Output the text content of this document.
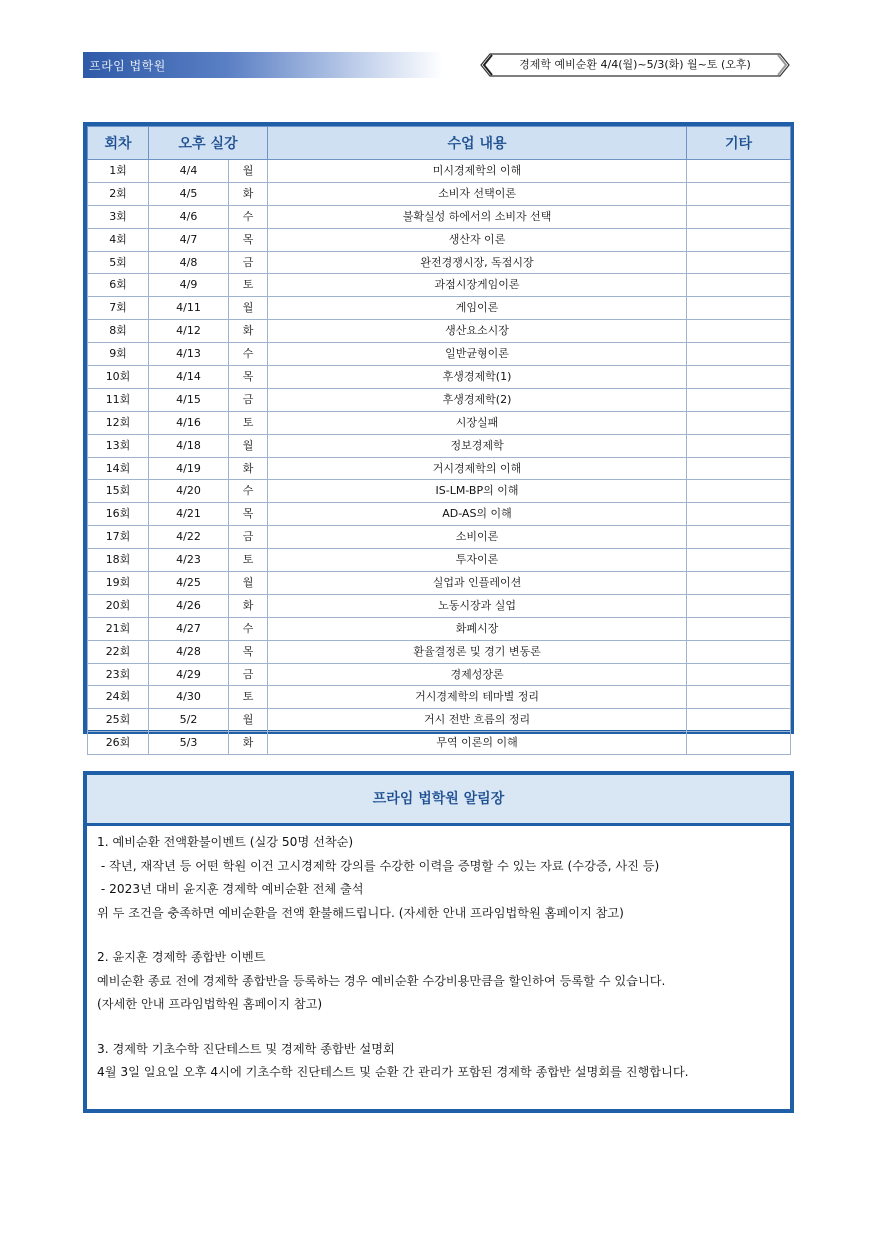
프라임 법학원	경제학 예비순환 4/4(월)~5/3(화) 월~토 (오후)
회차	오후 실강		수업 내용	기타
1회	4/4	월	미시경제학의 이해	
2회	4/5	화	소비자 선택이론	
3회	4/6	수	불확실성 하에서의 소비자 선택	
4회	4/7	목	생산자 이론	
5회	4/8	금	완전경쟁시장, 독점시장	
6회	4/9	토	과점시장게임이론	
7회	4/11	월	게임이론	
8회	4/12	화	생산요소시장	
9회	4/13	수	일반균형이론	
10회	4/14	목	후생경제학(1)	
11회	4/15	금	후생경제학(2)	
12회	4/16	토	시장실패	
13회	4/18	월	정보경제학	
14회	4/19	화	거시경제학의 이해	
15회	4/20	수	IS-LM-BP의 이해	
16회	4/21	목	AD-AS의 이해	
17회	4/22	금	소비이론	
18회	4/23	토	투자이론	
19회	4/25	월	실업과 인플레이션	
20회	4/26	화	노동시장과 실업	
21회	4/27	수	화폐시장	
22회	4/28	목	환율결정론 및 경기 변동론	
23회	4/29	금	경제성장론	
24회	4/30	토	거시경제학의 테마별 정리	
25회	5/2	월	거시 전반 흐름의 정리	
26회	5/3	화	무역 이론의 이해	
프라임 법학원 알림장
1. 예비순환 전액환불이벤트 (실강 50명 선착순)
- 작년, 재작년 등 어떤 학원 이건 고시경제학 강의를 수강한 이력을 증명할 수 있는 자료 (수강증, 사진 등)
- 2023년 대비 윤지훈 경제학 예비순환 전체 출석
위 두 조건을 충족하면 예비순환을 전액 환불해드립니다. (자세한 안내 프라임법학원 홈페이지 참고)
2. 윤지훈 경제학 종합반 이벤트
예비순환 종료 전에 경제학 종합반을 등록하는 경우 예비순환 수강비용만큼을 할인하여 등록할 수 있습니다.
(자세한 안내 프라임법학원 홈페이지 참고)
3. 경제학 기초수학 진단테스트 및 경제학 종합반 설명회
4월 3일 일요일 오후 4시에 기초수학 진단테스트 및 순환 간 관리가 포함된 경제학 종합반 설명회를 진행합니다.
